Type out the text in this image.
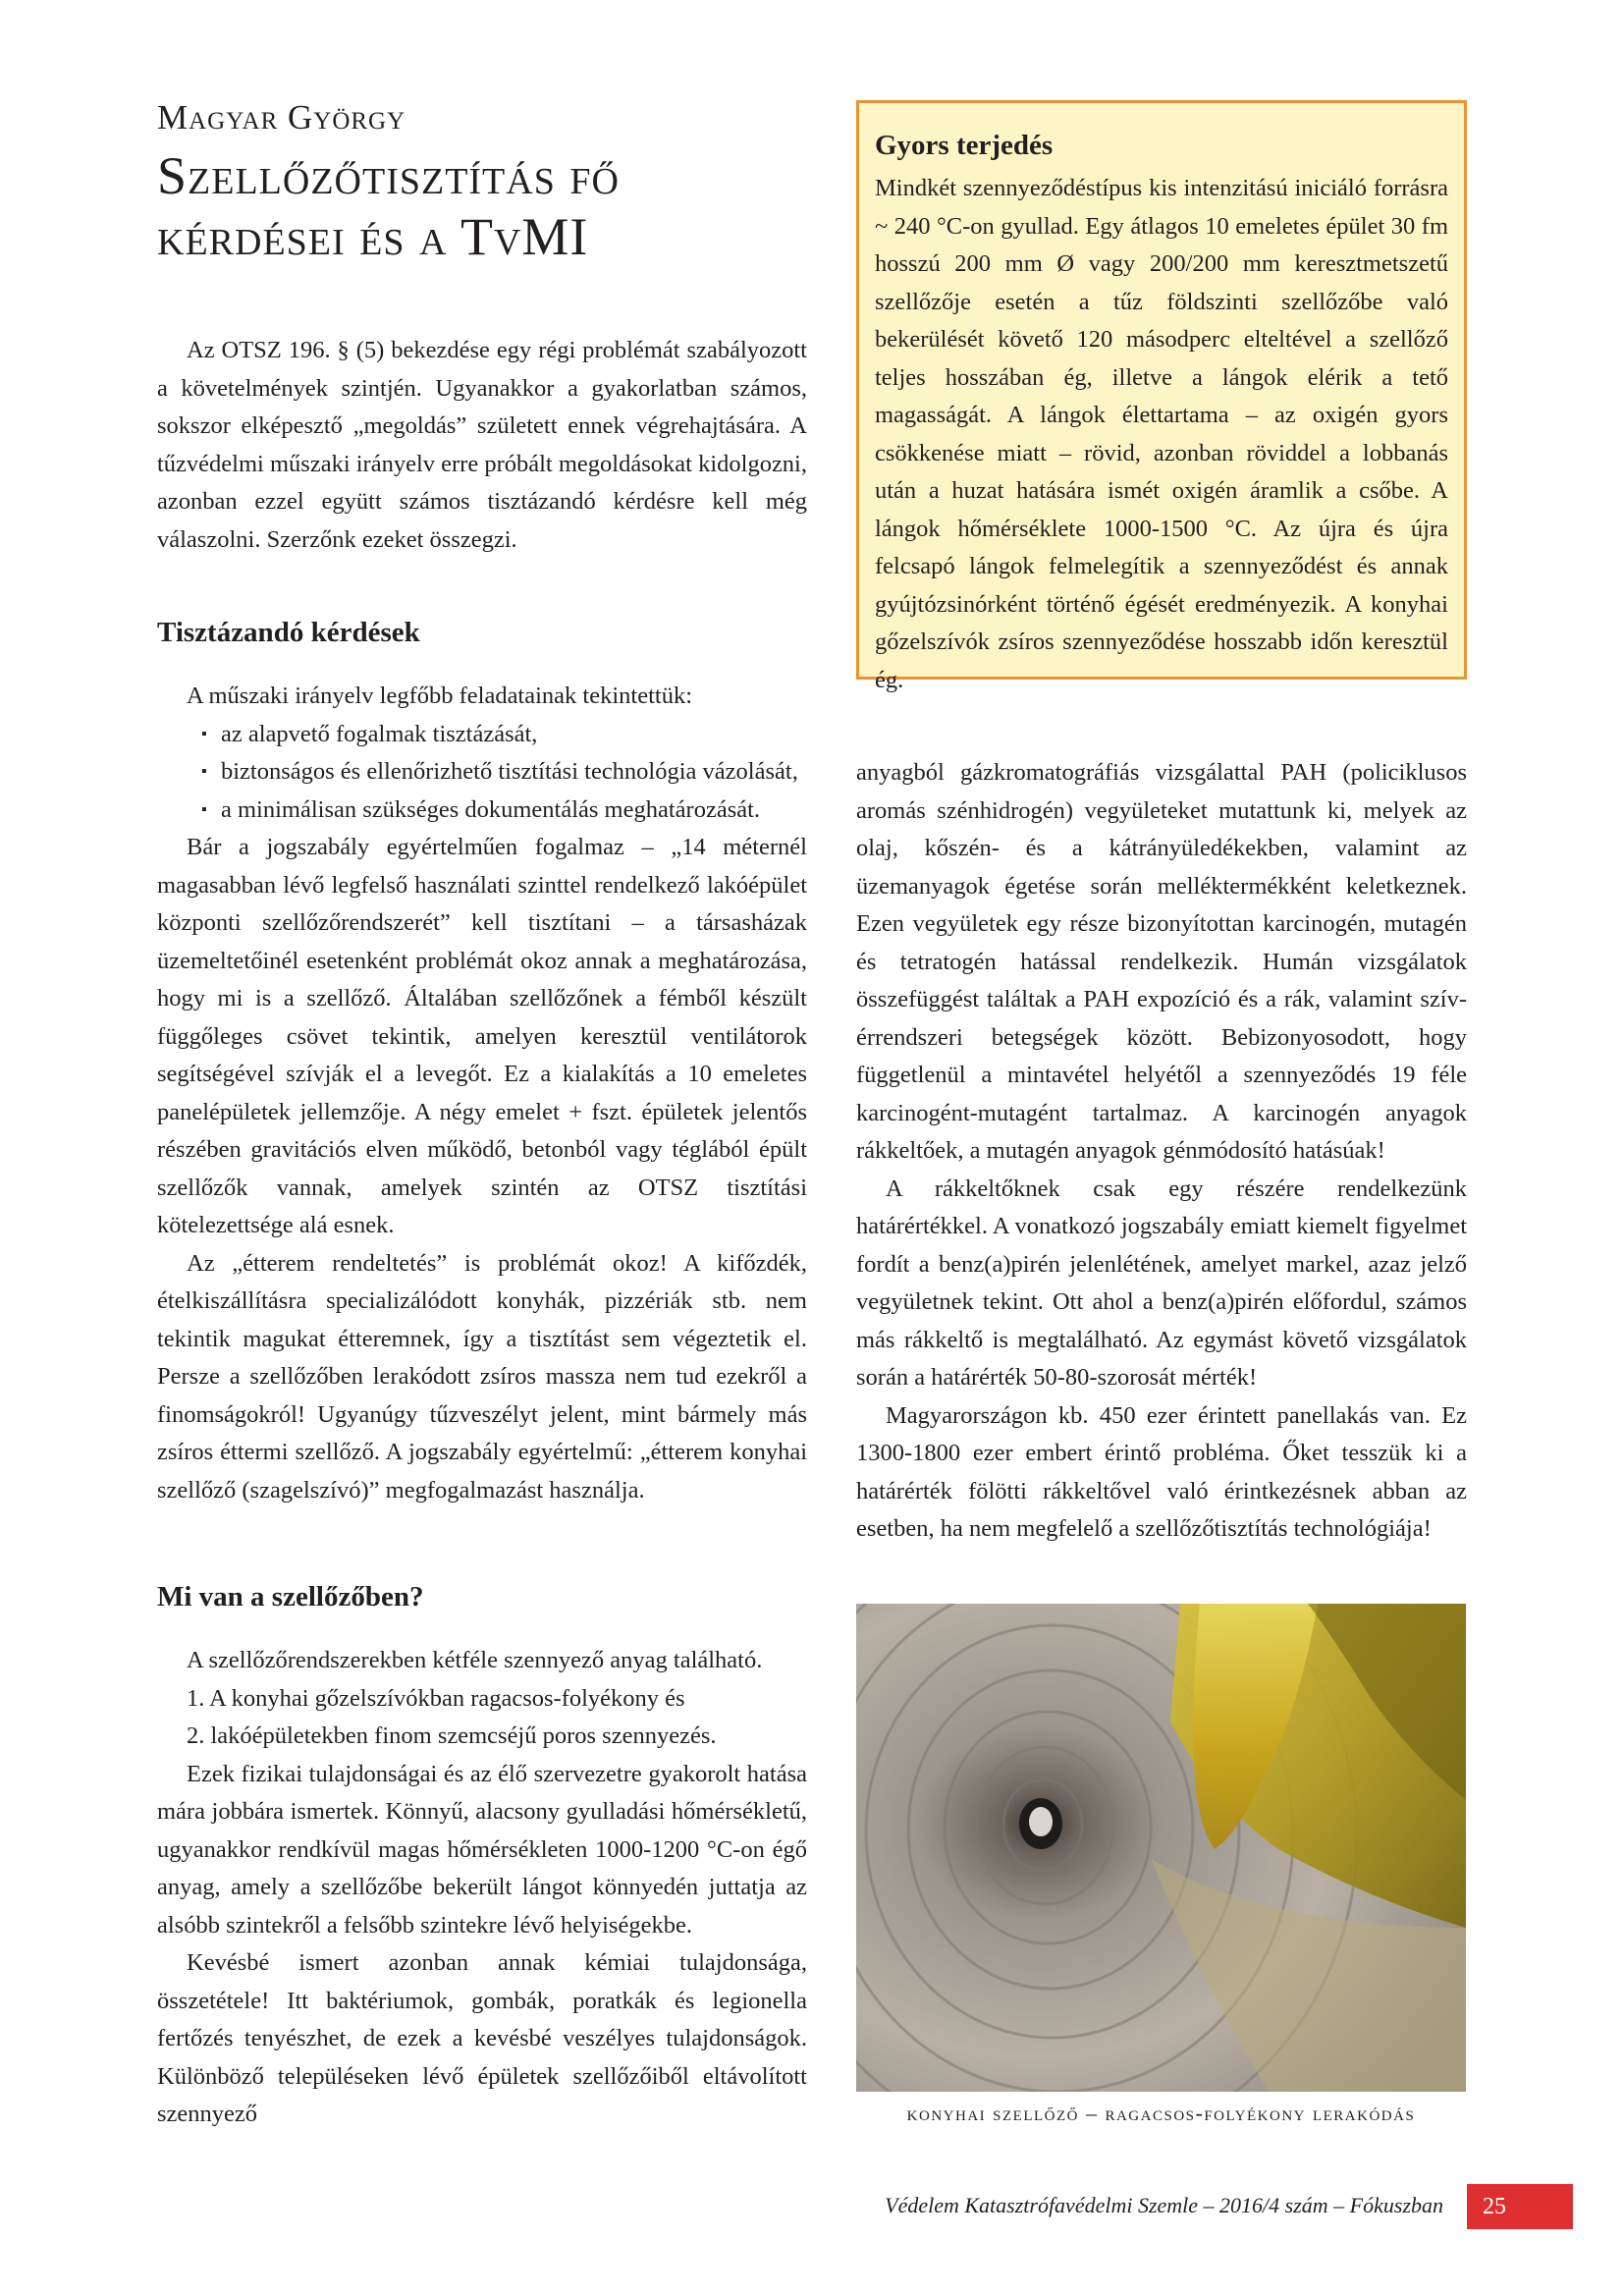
Magyar György
Szellőzőtisztítás fő
kérdései és a TvMI

Az OTSZ 196. § (5) bekezdése egy régi problémát szabályozott a követelmények szintjén. Ugyanakkor a gyakorlatban számos, sokszor elképesztő „megoldás” született ennek végrehajtására. A tűzvédelmi műszaki irányelv erre próbált megoldásokat kidolgozni, azonban ezzel együtt számos tisztázandó kérdésre kell még válaszolni. Szerzőnk ezeket összegzi.

Tisztázandó kérdések

A műszaki irányelv legfőbb feladatainak tekintettük:

▪ az alapvető fogalmak tisztázását,
▪ biztonságos és ellenőrizhető tisztítási technológia vázolását,
▪ a minimálisan szükséges dokumentálás meghatározását.

Bár a jogszabály egyértelműen fogalmaz – „14 méternél magasabban lévő legfelső használati szinttel rendelkező lakóépület központi szellőzőrendszerét” kell tisztítani – a társasházak üzemeltetőinél esetenként problémát okoz annak a meghatározása, hogy mi is a szellőző. Általában szellőzőnek a fémből készült függőleges csövet tekintik, amelyen keresztül ventilátorok segítségével szívják el a levegőt. Ez a kialakítás a 10 emeletes panelépületek jellemzője. A négy emelet + fszt. épületek jelentős részében gravitációs elven működő, betonból vagy téglából épült szellőzők vannak, amelyek szintén az OTSZ tisztítási kötelezettsége alá esnek.

Az „étterem rendeltetés” is problémát okoz! A kifőzdék, ételkiszállításra specializálódott konyhák, pizzériák stb. nem tekintik magukat étteremnek, így a tisztítást sem végeztetik el. Persze a szellőzőben lerakódott zsíros massza nem tud ezekről a finomságokról! Ugyanúgy tűzveszélyt jelent, mint bármely más zsíros éttermi szellőző. A jogszabály egyértelmű: „étterem konyhai szellőző (szagelszívó)” megfogalmazást használja.

Mi van a szellőzőben?

A szellőzőrendszerekben kétféle szennyező anyag található.

1. A konyhai gőzelszívókban ragacsos-folyékony és

2. lakóépületekben finom szemcséjű poros szennyezés.

Ezek fizikai tulajdonságai és az élő szervezetre gyakorolt hatása mára jobbára ismertek. Könnyű, alacsony gyulladási hőmérsékletű, ugyanakkor rendkívül magas hőmérsékleten 1000-1200 °C-on égő anyag, amely a szellőzőbe bekerült lángot könnyedén juttatja az alsóbb szintekről a felsőbb szintekre lévő helyiségekbe.

Kevésbé ismert azonban annak kémiai tulajdonsága, összetétele! Itt baktériumok, gombák, poratkák és legionella fertőzés tenyészhet, de ezek a kevésbé veszélyes tulajdonságok. Különböző településeken lévő épületek szellőzőiből eltávolított szennyező

Gyors terjedés
Mindkét szennyeződéstípus kis intenzitású iniciáló forrásra ~ 240 °C-on gyullad. Egy átlagos 10 emeletes épület 30 fm hosszú 200 mm Ø vagy 200/200 mm keresztmetszetű szellőzője esetén a tűz földszinti szellőzőbe való bekerülését követő 120 másodperc elteltével a szellőző teljes hosszában ég, illetve a lángok elérik a tető magasságát. A lángok élettartama – az oxigén gyors csökkenése miatt – rövid, azonban röviddel a lobbanás után a huzat hatására ismét oxigén áramlik a csőbe. A lángok hőmérséklete 1000-1500 °C. Az újra és újra felcsapó lángok felmelegítik a szennyeződést és annak gyújtózsinórként történő égését eredményezik. A konyhai gőzelszívók zsíros szennyeződése hosszabb időn keresztül ég.

anyagból gázkromatográfiás vizsgálattal PAH (policiklusos aromás szénhidrogén) vegyületeket mutattunk ki, melyek az olaj, kőszén- és a kátrányüledékekben, valamint az üzemanyagok égetése során melléktermékként keletkeznek. Ezen vegyületek egy része bizonyítottan karcinogén, mutagén és tetratogén hatással rendelkezik. Humán vizsgálatok összefüggést találtak a PAH expozíció és a rák, valamint szív-érrendszeri betegségek között. Bebizonyosodott, hogy függetlenül a mintavétel helyétől a szennyeződés 19 féle karcinogént-mutagént tartalmaz. A karcinogén anyagok rákkeltőek, a mutagén anyagok génmódosító hatásúak!

A rákkeltőknek csak egy részére rendelkezünk határértékkel. A vonatkozó jogszabály emiatt kiemelt figyelmet fordít a benz(a)pirén jelenlétének, amelyet markel, azaz jelző vegyületnek tekint. Ott ahol a benz(a)pirén előfordul, számos más rákkeltő is megtalálható. Az egymást követő vizsgálatok során a határérték 50-80-szorosát mérték!

Magyarországon kb. 450 ezer érintett panellakás van. Ez 1300-1800 ezer embert érintő probléma. Őket tesszük ki a határérték fölötti rákkeltővel való érintkezésnek abban az esetben, ha nem megfelelő a szellőzőtisztítás technológiája!

konyhai szellőző – ragacsos-folyékony lerakódás
Védelem Katasztrófavédelmi Szemle – 2016/4 szám – Fókuszban	25
